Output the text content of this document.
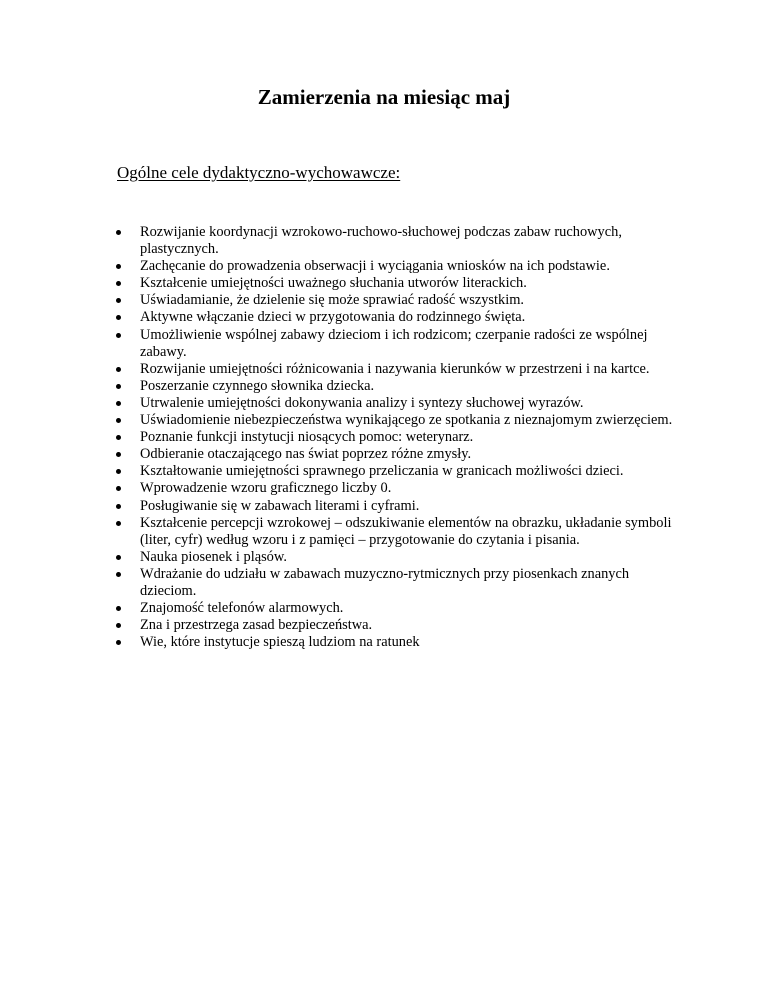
Zamierzenia na miesiąc maj
Ogólne cele dydaktyczno-wychowawcze:
Rozwijanie koordynacji wzrokowo-ruchowo-słuchowej podczas zabaw ruchowych, plastycznych.
Zachęcanie do prowadzenia obserwacji i wyciągania wniosków na ich podstawie.
Kształcenie umiejętności uważnego słuchania utworów literackich.
Uświadamianie, że dzielenie się może sprawiać radość wszystkim.
Aktywne włączanie dzieci w przygotowania do rodzinnego święta.
Umożliwienie wspólnej zabawy dzieciom i ich rodzicom; czerpanie radości ze wspólnej zabawy.
Rozwijanie umiejętności różnicowania i nazywania kierunków w przestrzeni i na kartce.
Poszerzanie czynnego słownika dziecka.
Utrwalenie umiejętności dokonywania analizy i syntezy słuchowej wyrazów.
Uświadomienie niebezpieczeństwa wynikającego ze spotkania z nieznajomym zwierzęciem.
Poznanie funkcji instytucji niosących pomoc: weterynarz.
Odbieranie otaczającego nas świat poprzez różne zmysły.
Kształtowanie umiejętności sprawnego przeliczania w granicach możliwości dzieci.
Wprowadzenie wzoru graficznego liczby 0.
Posługiwanie się w zabawach literami i cyframi.
Kształcenie percepcji wzrokowej – odszukiwanie elementów na obrazku, układanie symboli (liter, cyfr) według wzoru i z pamięci – przygotowanie do czytania i pisania.
Nauka piosenek i pląsów.
Wdrażanie do udziału w zabawach muzyczno-rytmicznych przy piosenkach znanych dzieciom.
Znajomość telefonów alarmowych.
Zna i przestrzega zasad bezpieczeństwa.
Wie, które instytucje spieszą ludziom na ratunek
